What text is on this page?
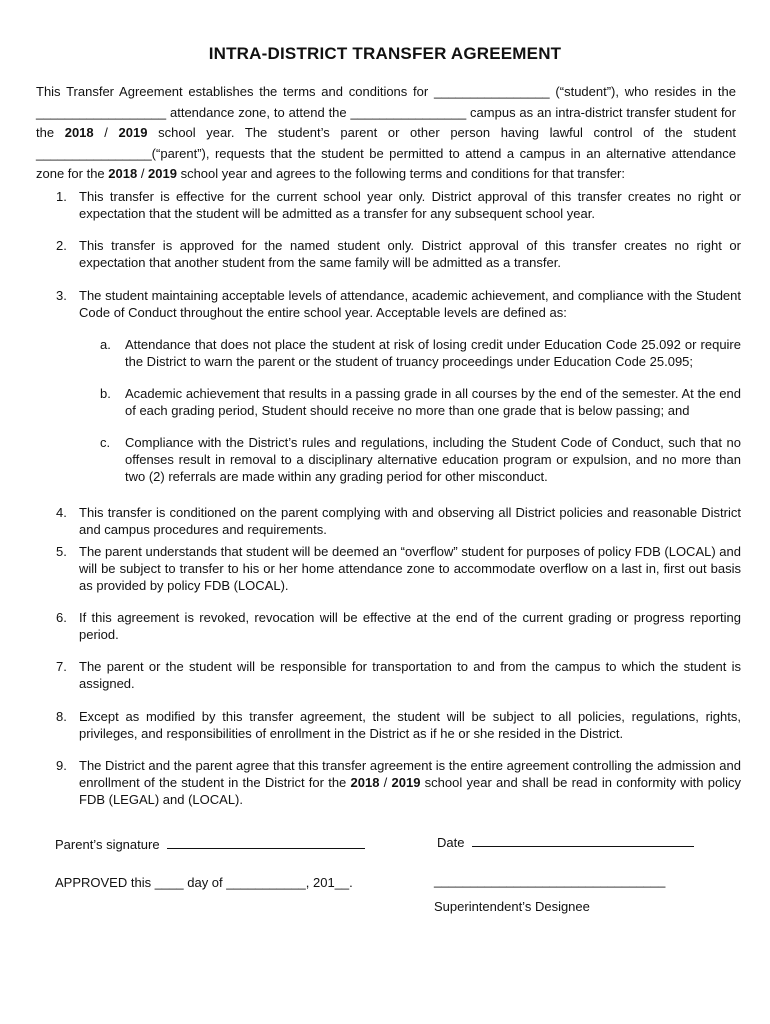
INTRA-DISTRICT TRANSFER AGREEMENT

This Transfer Agreement establishes the terms and conditions for ________________ (“student”), who resides in the __________________ attendance zone, to attend the ________________ campus as an intra-district transfer student for the 2018 / 2019 school year. The student’s parent or other person having lawful control of the student ________________(“parent”), requests that the student be permitted to attend a campus in an alternative attendance zone for the 2018 / 2019 school year and agrees to the following terms and conditions for that transfer:

1. This transfer is effective for the current school year only. District approval of this transfer creates no right or expectation that the student will be admitted as a transfer for any subsequent school year.
2. This transfer is approved for the named student only. District approval of this transfer creates no right or expectation that another student from the same family will be admitted as a transfer.
3. The student maintaining acceptable levels of attendance, academic achievement, and compliance with the Student Code of Conduct throughout the entire school year. Acceptable levels are defined as:
4. This transfer is conditioned on the parent complying with and observing all District policies and reasonable District and campus procedures and requirements.
5. The parent understands that student will be deemed an “overflow” student for purposes of policy FDB (LOCAL) and will be subject to transfer to his or her home attendance zone to accommodate overflow on a last in, first out basis as provided by policy FDB (LOCAL).
6. If this agreement is revoked, revocation will be effective at the end of the current grading or progress reporting period.
7. The parent or the student will be responsible for transportation to and from the campus to which the student is assigned.
8. Except as modified by this transfer agreement, the student will be subject to all policies, regulations, rights, privileges, and responsibilities of enrollment in the District as if he or she resided in the District.
9. The District and the parent agree that this transfer agreement is the entire agreement controlling the admission and enrollment of the student in the District for the 2018 / 2019 school year and shall be read in conformity with policy FDB (LEGAL) and (LOCAL).
a. Attendance that does not place the student at risk of losing credit under Education Code 25.092 or require the District to warn the parent or the student of truancy proceedings under Education Code 25.095;
b. Academic achievement that results in a passing grade in all courses by the end of the semester. At the end of each grading period, Student should receive no more than one grade that is below passing; and
c. Compliance with the District’s rules and regulations, including the Student Code of Conduct, such that no offenses result in removal to a disciplinary alternative education program or expulsion, and no more than two (2) referrals are made within any grading period for other misconduct.
Parent’s signature	Date
APPROVED this ____ day of ___________, 201__.	________________________________
Superintendent’s Designee
